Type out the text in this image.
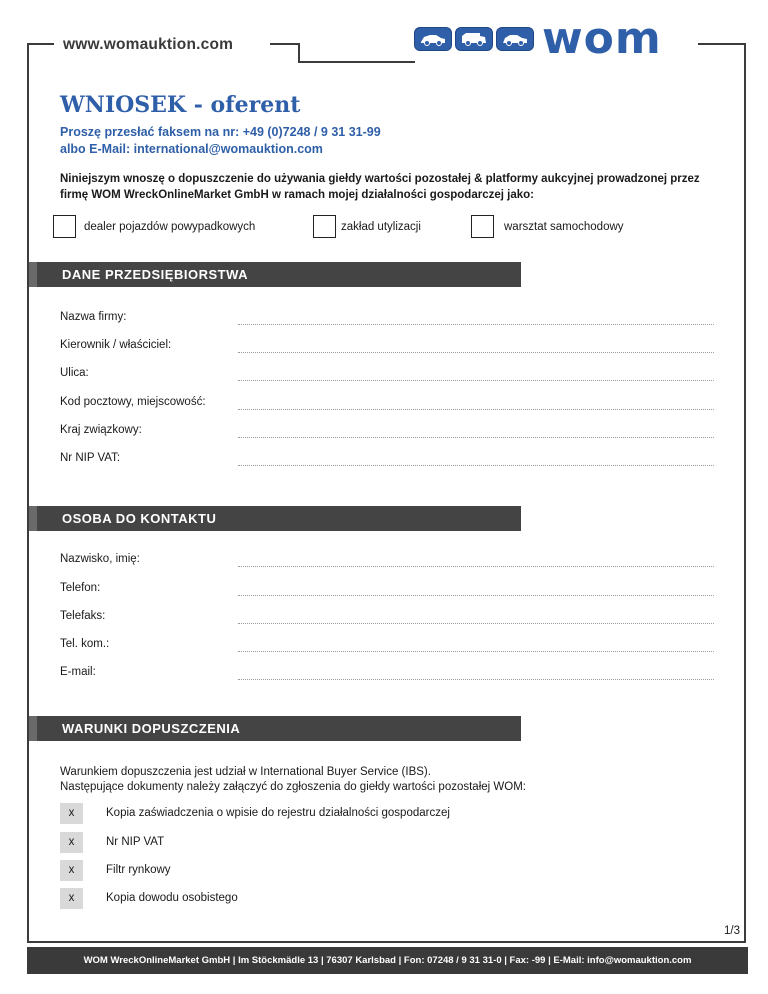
www.womauktion.com	wom
WNIOSEK - oferent
Proszę przesłać faksem na nr: +49 (0)7248 / 9 31 31-99
albo E-Mail: international@womauktion.com
Niniejszym wnoszę o dopuszczenie do używania giełdy wartości pozostałej & platformy aukcyjnej prowadzonej przez firmę WOM WreckOnlineMarket GmbH w ramach mojej działalności gospodarczej jako:
dealer pojazdów powypadkowych	zakład utylizacji	warsztat samochodowy
DANE PRZEDSIĘBIORSTWA
Nazwa firmy:
Kierownik / właściciel:
Ulica:
Kod pocztowy, miejscowość:
Kraj związkowy:
Nr NIP VAT:
OSOBA DO KONTAKTU
Nazwisko, imię:
Telefon:
Telefaks:
Tel. kom.:
E-mail:
WARUNKI DOPUSZCZENIA
Warunkiem dopuszczenia jest udział w International Buyer Service (IBS).
Następujące dokumenty należy załączyć do zgłoszenia do giełdy wartości pozostałej WOM:
x	Kopia zaświadczenia o wpisie do rejestru działalności gospodarczej
x	Nr NIP VAT
x	Filtr rynkowy
x	Kopia dowodu osobistego
1/3
WOM WreckOnlineMarket GmbH | Im Stöckmädle 13 | 76307 Karlsbad | Fon: 07248 / 9 31 31-0 | Fax: -99 | E-Mail: info@womauktion.com
